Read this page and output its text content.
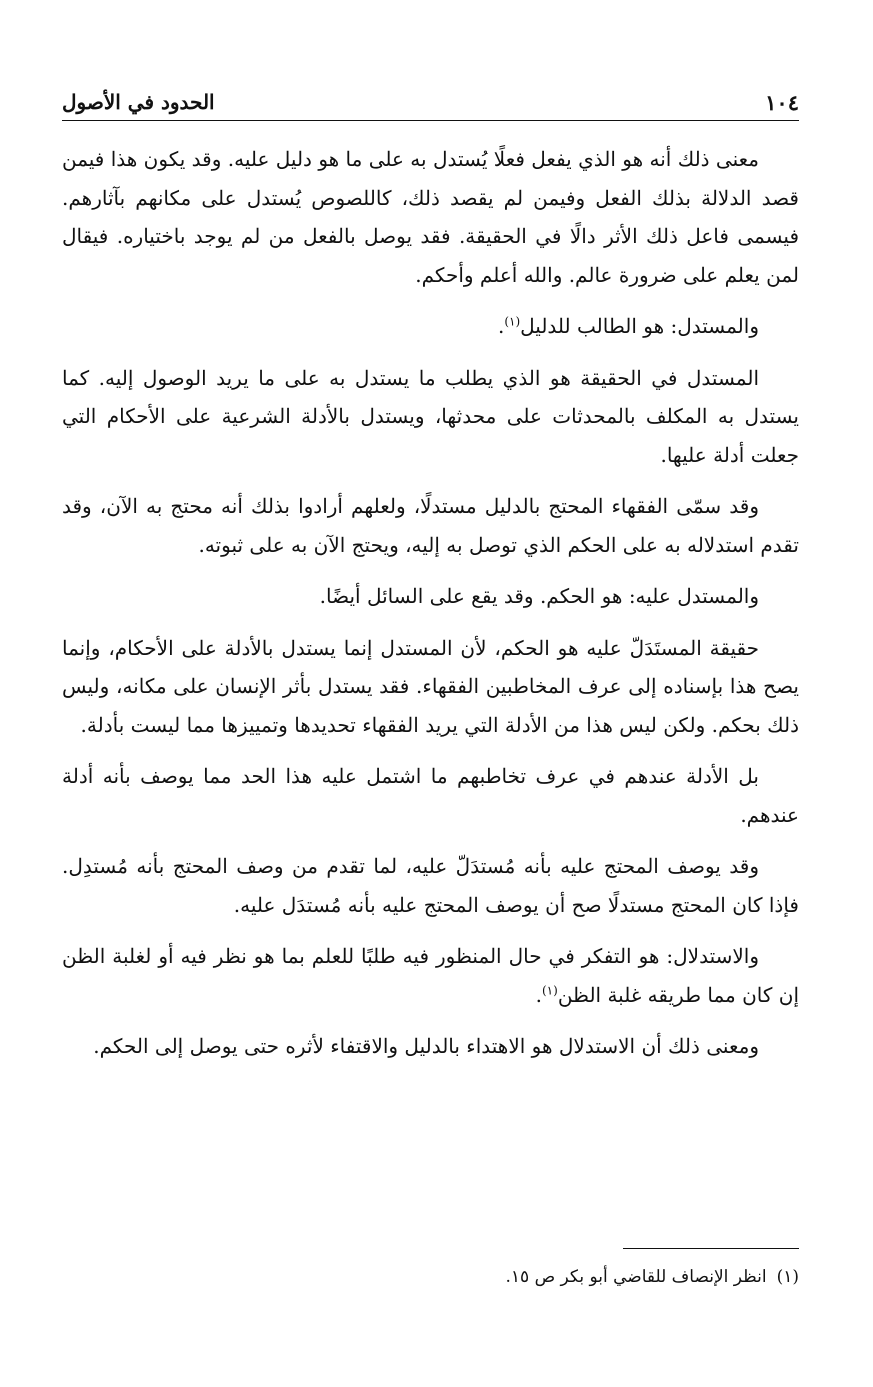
١٠٤
الحدود في الأصول

معنى ذلك أنه هو الذي يفعل فعلًا يُستدل به على ما هو دليل عليه. وقد يكون هذا فيمن قصد الدلالة بذلك الفعل وفيمن لم يقصد ذلك، كاللصوص يُستدل على مكانهم بآثارهم. فيسمى فاعل ذلك الأثر دالًا في الحقيقة. فقد يوصل بالفعل من لم يوجد باختياره. فيقال لمن يعلم على ضرورة عالم. والله أعلم وأحكم.

والمستدل: هو الطالب للدليل$^{(١)}$.

المستدل في الحقيقة هو الذي يطلب ما يستدل به على ما يريد الوصول إليه. كما يستدل به المكلف بالمحدثات على محدثها، ويستدل بالأدلة الشرعية على الأحكام التي جعلت أدلة عليها.

وقد سمّى الفقهاء المحتج بالدليل مستدلًا، ولعلهم أرادوا بذلك أنه محتج به الآن، وقد تقدم استدلاله به على الحكم الذي توصل به إليه، ويحتج الآن به على ثبوته.

والمستدل عليه: هو الحكم. وقد يقع على السائل أيضًا.

حقيقة المستَدَلّ عليه هو الحكم، لأن المستدل إنما يستدل بالأدلة على الأحكام، وإنما يصح هذا بإسناده إلى عرف المخاطبين الفقهاء. فقد يستدل بأثر الإنسان على مكانه، وليس ذلك بحكم. ولكن ليس هذا من الأدلة التي يريد الفقهاء تحديدها وتمييزها مما ليست بأدلة.

بل الأدلة عندهم في عرف تخاطبهم ما اشتمل عليه هذا الحد مما يوصف بأنه أدلة عندهم.

وقد يوصف المحتج عليه بأنه مُستدَلّ عليه، لما تقدم من وصف المحتج بأنه مُستدِل. فإذا كان المحتج مستدلًا صح أن يوصف المحتج عليه بأنه مُستدَل عليه.

والاستدلال: هو التفكر في حال المنظور فيه طلبًا للعلم بما هو نظر فيه أو لغلبة الظن إن كان مما طريقه غلبة الظن$^{(١)}$.

ومعنى ذلك أن الاستدلال هو الاهتداء بالدليل والاقتفاء لأثره حتى يوصل إلى الحكم.

(١)انظر الإنصاف للقاضي أبو بكر ص ١٥.
